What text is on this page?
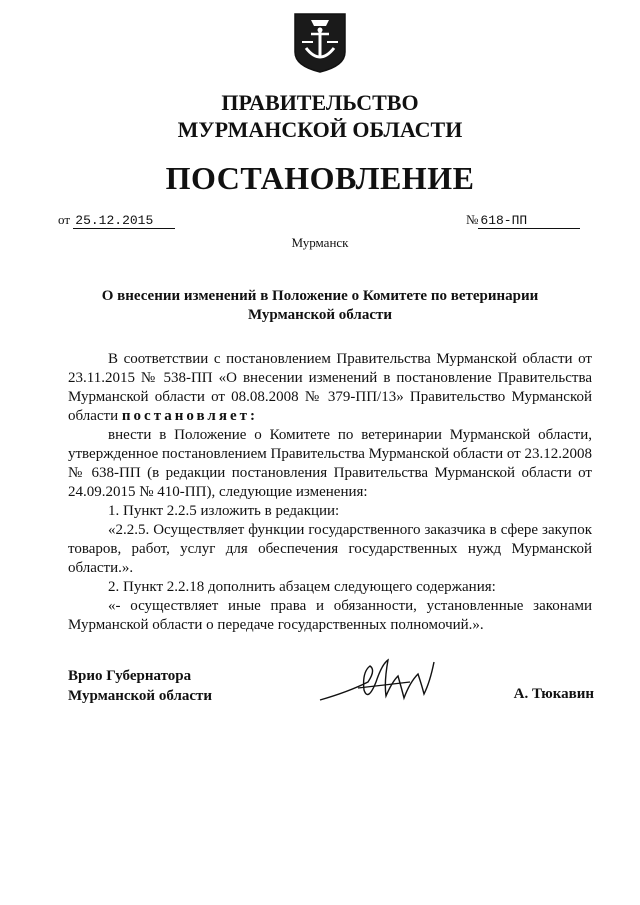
ПРАВИТЕЛЬСТВО
МУРМАНСКОЙ ОБЛАСТИ
ПОСТАНОВЛЕНИЕ
от 25.12.2015	№ 618-ПП
Мурманск
О внесении изменений в Положение о Комитете по ветеринарии
Мурманской области

В соответствии с постановлением Правительства Мурманской области от 23.11.2015 № 538-ПП «О внесении изменений в постановление Правительства Мурманской области от 08.08.2008 № 379-ПП/13» Правительство Мурманской области постановляет:

внести в Положение о Комитете по ветеринарии Мурманской области, утвержденное постановлением Правительства Мурманской области от 23.12.2008 № 638-ПП (в редакции постановления Правительства Мурманской области от 24.09.2015 № 410-ПП), следующие изменения:

1. Пункт 2.2.5 изложить в редакции:

«2.2.5. Осуществляет функции государственного заказчика в сфере закупок товаров, работ, услуг для обеспечения государственных нужд Мурманской области.».

2. Пункт 2.2.18 дополнить абзацем следующего содержания:

«- осуществляет иные права и обязанности, установленные законами Мурманской области о передаче государственных полномочий.».

Врио Губернатора
Мурманской области	А. Тюкавин
